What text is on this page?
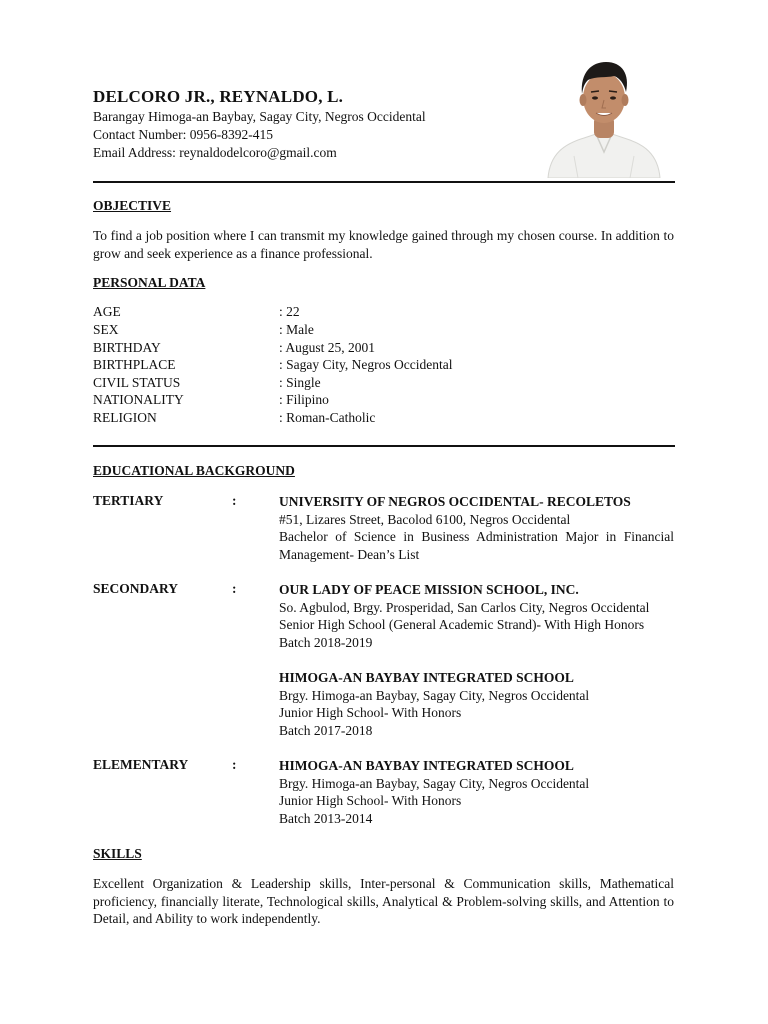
DELCORO JR., REYNALDO, L.
Barangay Himoga-an Baybay, Sagay City, Negros Occidental
Contact Number: 0956-8392-415
Email Address: reynaldodelcoro@gmail.com
OBJECTIVE
To find a job position where I can transmit my knowledge gained through my chosen course. In addition to grow and seek experience as a finance professional.
PERSONAL DATA
AGE	: 22
SEX	: Male
BIRTHDAY	: August 25, 2001
BIRTHPLACE	: Sagay City, Negros Occidental
CIVIL STATUS	: Single
NATIONALITY	: Filipino
RELIGION	: Roman-Catholic
EDUCATIONAL BACKGROUND
TERTIARY	:	UNIVERSITY OF NEGROS OCCIDENTAL- RECOLETOS
#51, Lizares Street, Bacolod 6100, Negros Occidental
Bachelor of Science in Business Administration Major in Financial Management- Dean’s List
SECONDARY	:	OUR LADY OF PEACE MISSION SCHOOL, INC.
So. Agbulod, Brgy. Prosperidad, San Carlos City, Negros Occidental
Senior High School (General Academic Strand)- With High Honors
Batch 2018-2019
HIMOGA-AN BAYBAY INTEGRATED SCHOOL
Brgy. Himoga-an Baybay, Sagay City, Negros Occidental
Junior High School- With Honors
Batch 2017-2018
ELEMENTARY	:	HIMOGA-AN BAYBAY INTEGRATED SCHOOL
Brgy. Himoga-an Baybay, Sagay City, Negros Occidental
Junior High School- With Honors
Batch 2013-2014
SKILLS
Excellent Organization & Leadership skills, Inter-personal & Communication skills, Mathematical proficiency, financially literate, Technological skills, Analytical & Problem-solving skills, and Attention to Detail, and Ability to work independently.
